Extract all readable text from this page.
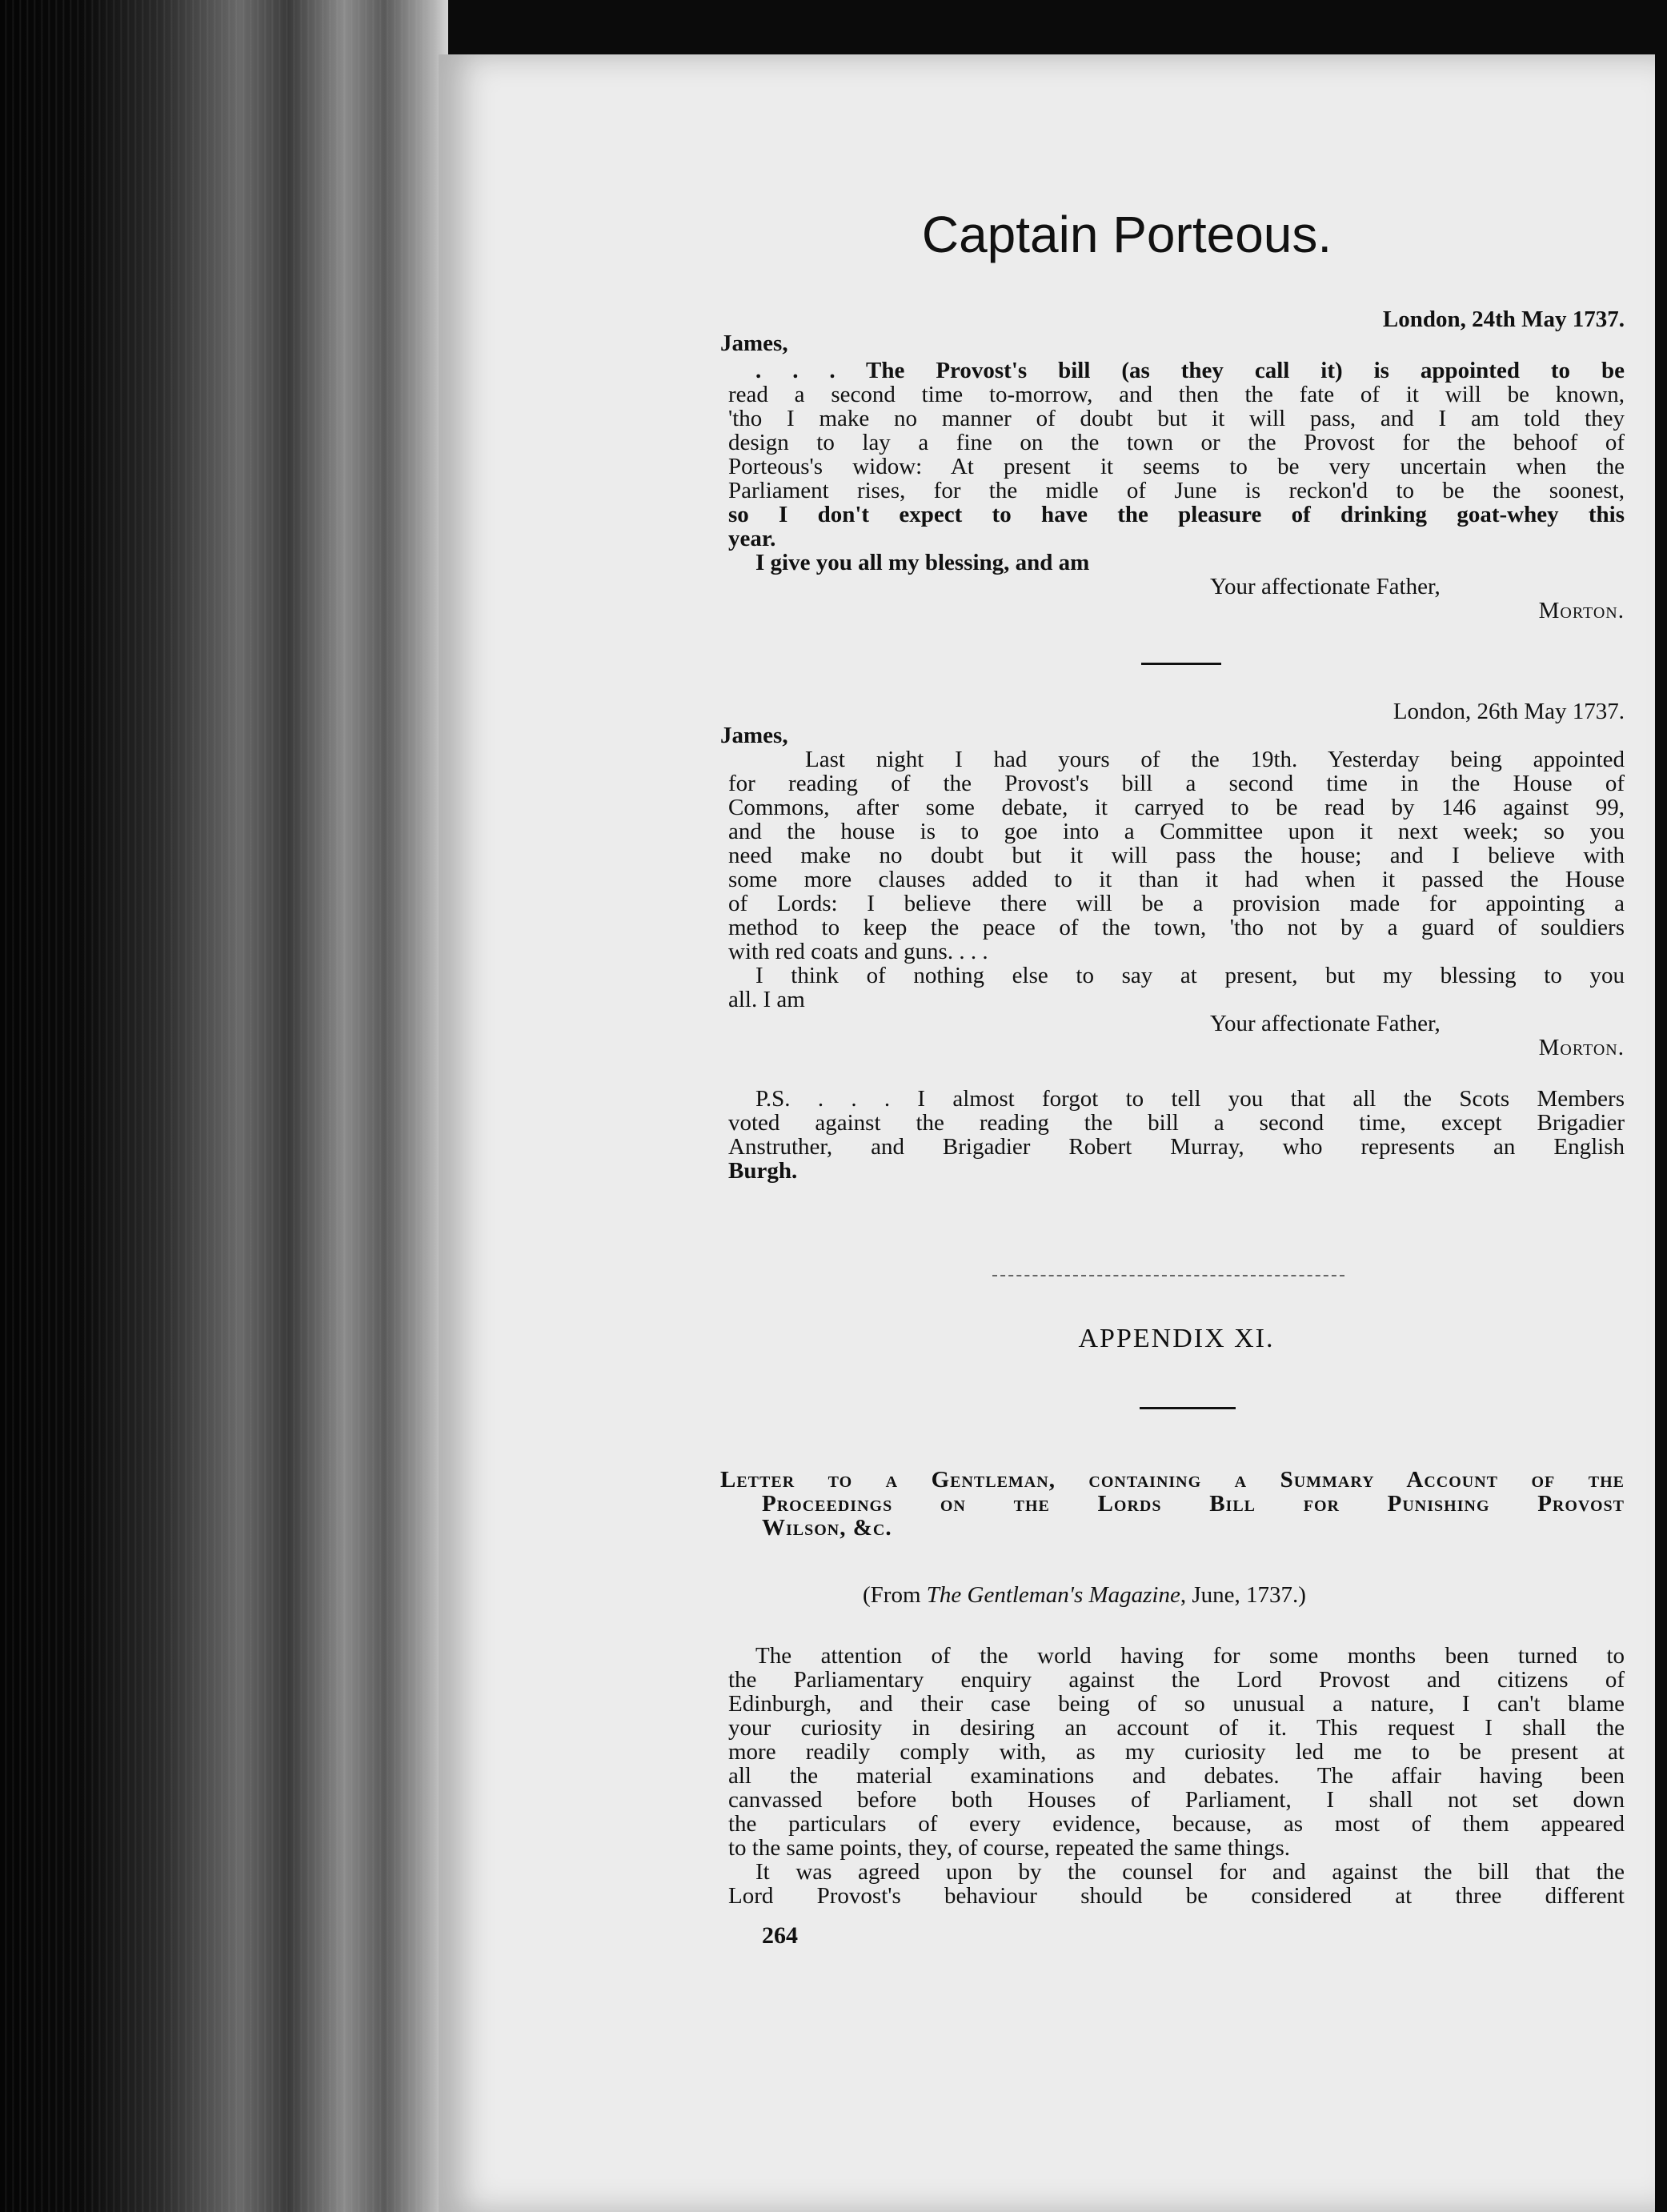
Captain Porteous.
London, 24th May 1737.
James,
. . . The Provost's bill (as they call it) is appointed to be
read a second time to-morrow, and then the fate of it will be known,
'tho I make no manner of doubt but it will pass, and I am told they
design to lay a fine on the town or the Provost for the behoof of
Porteous's widow: At present it seems to be very uncertain when the
Parliament rises, for the midle of June is reckon'd to be the soonest,
so I don't expect to have the pleasure of drinking goat-whey this
year.
I give you all my blessing, and am
Your affectionate Father,
Morton.
London, 26th May 1737.
James,
Last night I had yours of the 19th. Yesterday being appointed
for reading of the Provost's bill a second time in the House of
Commons, after some debate, it carryed to be read by 146 against 99,
and the house is to goe into a Committee upon it next week; so you
need make no doubt but it will pass the house; and I believe with
some more clauses added to it than it had when it passed the House
of Lords: I believe there will be a provision made for appointing a
method to keep the peace of the town, 'tho not by a guard of souldiers
with red coats and guns. . . .
I think of nothing else to say at present, but my blessing to you
all. I am
Your affectionate Father,
Morton.
P.S. . . . I almost forgot to tell you that all the Scots Members
voted against the reading the bill a second time, except Brigadier
Anstruther, and Brigadier Robert Murray, who represents an English
Burgh.
APPENDIX XI.
Letter to a Gentleman, containing a Summary Account of the
Proceedings on the Lords Bill for Punishing Provost
Wilson, &c.
(From The Gentleman's Magazine, June, 1737.)
The attention of the world having for some months been turned to
the Parliamentary enquiry against the Lord Provost and citizens of
Edinburgh, and their case being of so unusual a nature, I can't blame
your curiosity in desiring an account of it. This request I shall the
more readily comply with, as my curiosity led me to be present at
all the material examinations and debates. The affair having been
canvassed before both Houses of Parliament, I shall not set down
the particulars of every evidence, because, as most of them appeared
to the same points, they, of course, repeated the same things.
It was agreed upon by the counsel for and against the bill that the
Lord Provost's behaviour should be considered at three different
264
